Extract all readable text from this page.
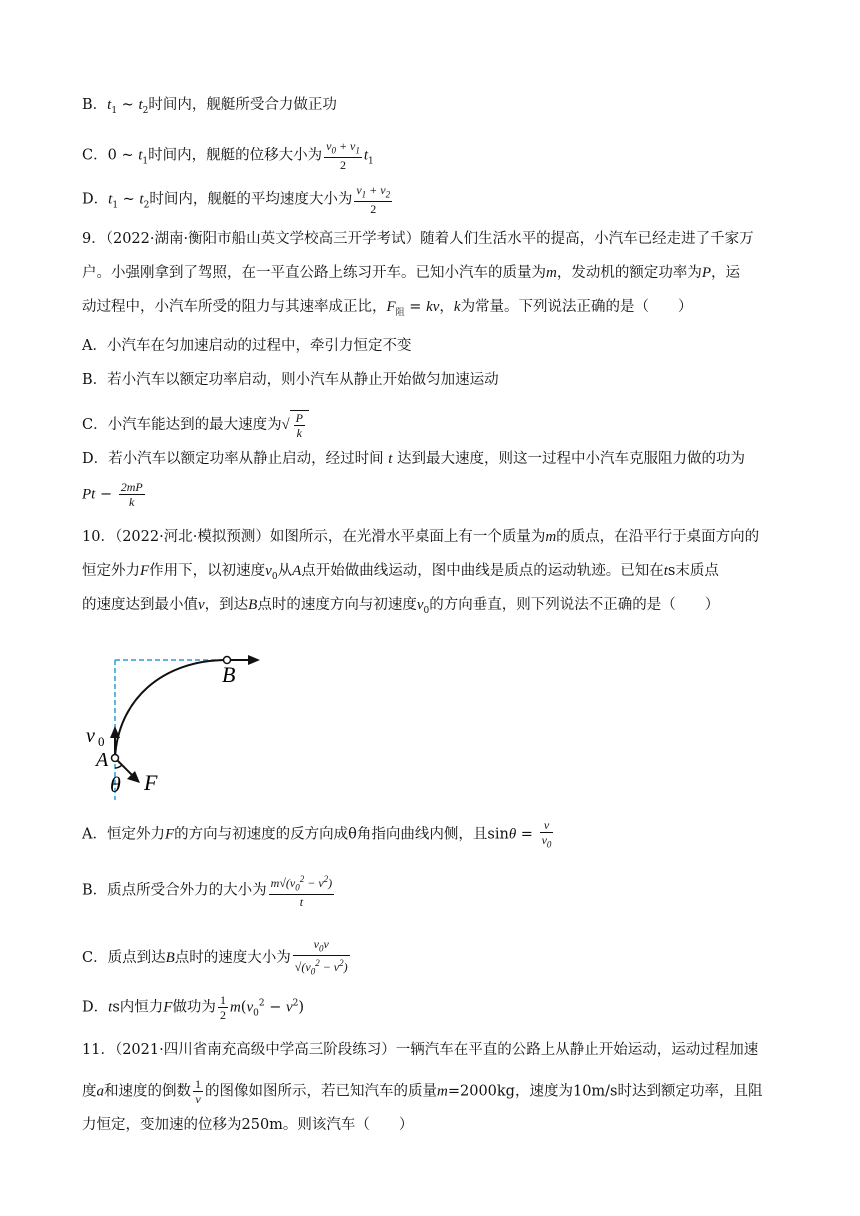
B．$t_1$ ~ $t_2$时间内，舰艇所受合力做正功
C．0 ~ $t_1$时间内，舰艇的位移大小为 $\frac{v_0 + v_1}{2} t_1$
D．$t_1$ ~ $t_2$时间内，舰艇的平均速度大小为 $\frac{v_1 + v_2}{2}$
9．（2022·湖南·衡阳市船山英文学校高三开学考试）随着人们生活水平的提高，小汽车已经走进了千家万
户。小强刚拿到了驾照，在一平直公路上练习开车。已知小汽车的质量为m，发动机的额定功率为P，运
动过程中，小汽车所受的阻力与其速率成正比，$F_阻$ = kv，k为常量。下列说法正确的是（　　）
A．小汽车在匀加速启动的过程中，牵引力恒定不变
B．若小汽车以额定功率启动，则小汽车从静止开始做匀加速运动
C．小汽车能达到的最大速度为√ $\frac{P}{k}$
D．若小汽车以额定功率从静止启动，经过时间 t 达到最大速度，则这一过程中小汽车克服阻力做的功为
$Pt - \frac{2mP}{k}$
10．（2022·河北·模拟预测）如图所示，在光滑水平桌面上有一个质量为m的质点，在沿平行于桌面方向的
恒定外力F作用下，以初速度$v_0$从A点开始做曲线运动，图中曲线是质点的运动轨迹。已知在ts末质点
的速度达到最小值v，到达B点时的速度方向与初速度$v_0$的方向垂直，则下列说法不正确的是（　　）
B
A
v 0
θ F
A．恒定外力F的方向与初速度的反方向成θ角指向曲线内侧，且$\sin\theta = \frac{v}{v_0}$
B．质点所受合外力的大小为 $\frac{m√(v_0^2 - v^2)}{t}$
C．质点到达B点时的速度大小为 $\frac{v_0v}{√(v_0^2 - v^2)}$
D．ts内恒力F做功为 $\frac{1}{2} m(v_0^2 - v^2)$
11．（2021·四川省南充高级中学高三阶段练习）一辆汽车在平直的公路上从静止开始运动，运动过程加速
度a和速度的倒数 $\frac{1}{v}$ 的图像如图所示，若已知汽车的质量m=2000kg，速度为10m/s时达到额定功率，且阻
力恒定，变加速的位移为250m。则该汽车（　　）
